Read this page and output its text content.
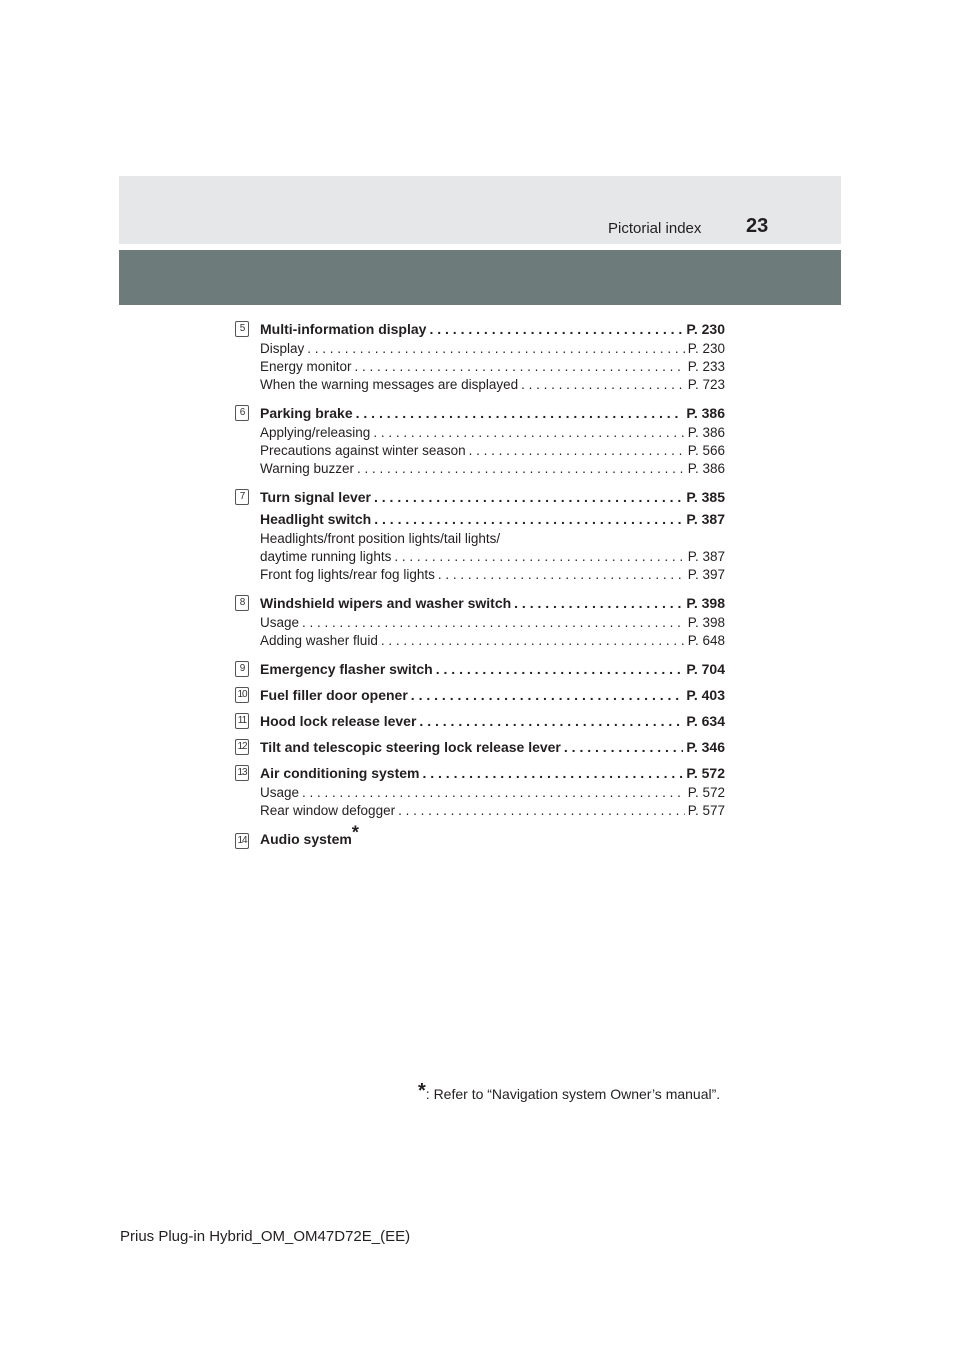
Pictorial index 23
5	Multi-information display . . .	P. 230
Display . . .	P. 230
Energy monitor . . .	P. 233
When the warning messages are displayed . . .	P. 723
6	Parking brake . . .	P. 386
Applying/releasing . . .	P. 386
Precautions against winter season . . .	P. 566
Warning buzzer . . .	P. 386
7	Turn signal lever . . .	P. 385
Headlight switch . . .	P. 387
Headlights/front position lights/tail lights/
daytime running lights . . .	P. 387
Front fog lights/rear fog lights . . .	P. 397
8	Windshield wipers and washer switch . . .	P. 398
Usage . . .	P. 398
Adding washer fluid . . .	P. 648
9	Emergency flasher switch . . .	P. 704
10 Fuel filler door opener . . .	P. 403
11 Hood lock release lever . . .	P. 634
12 Tilt and telescopic steering lock release lever . . .	P. 346
13 Air conditioning system . . .	P. 572
Usage . . .	P. 572
Rear window defogger . . .	P. 577
14 Audio system*
*: Refer to “Navigation system Owner’s manual”.
Prius Plug-in Hybrid_OM_OM47D72E_(EE)
